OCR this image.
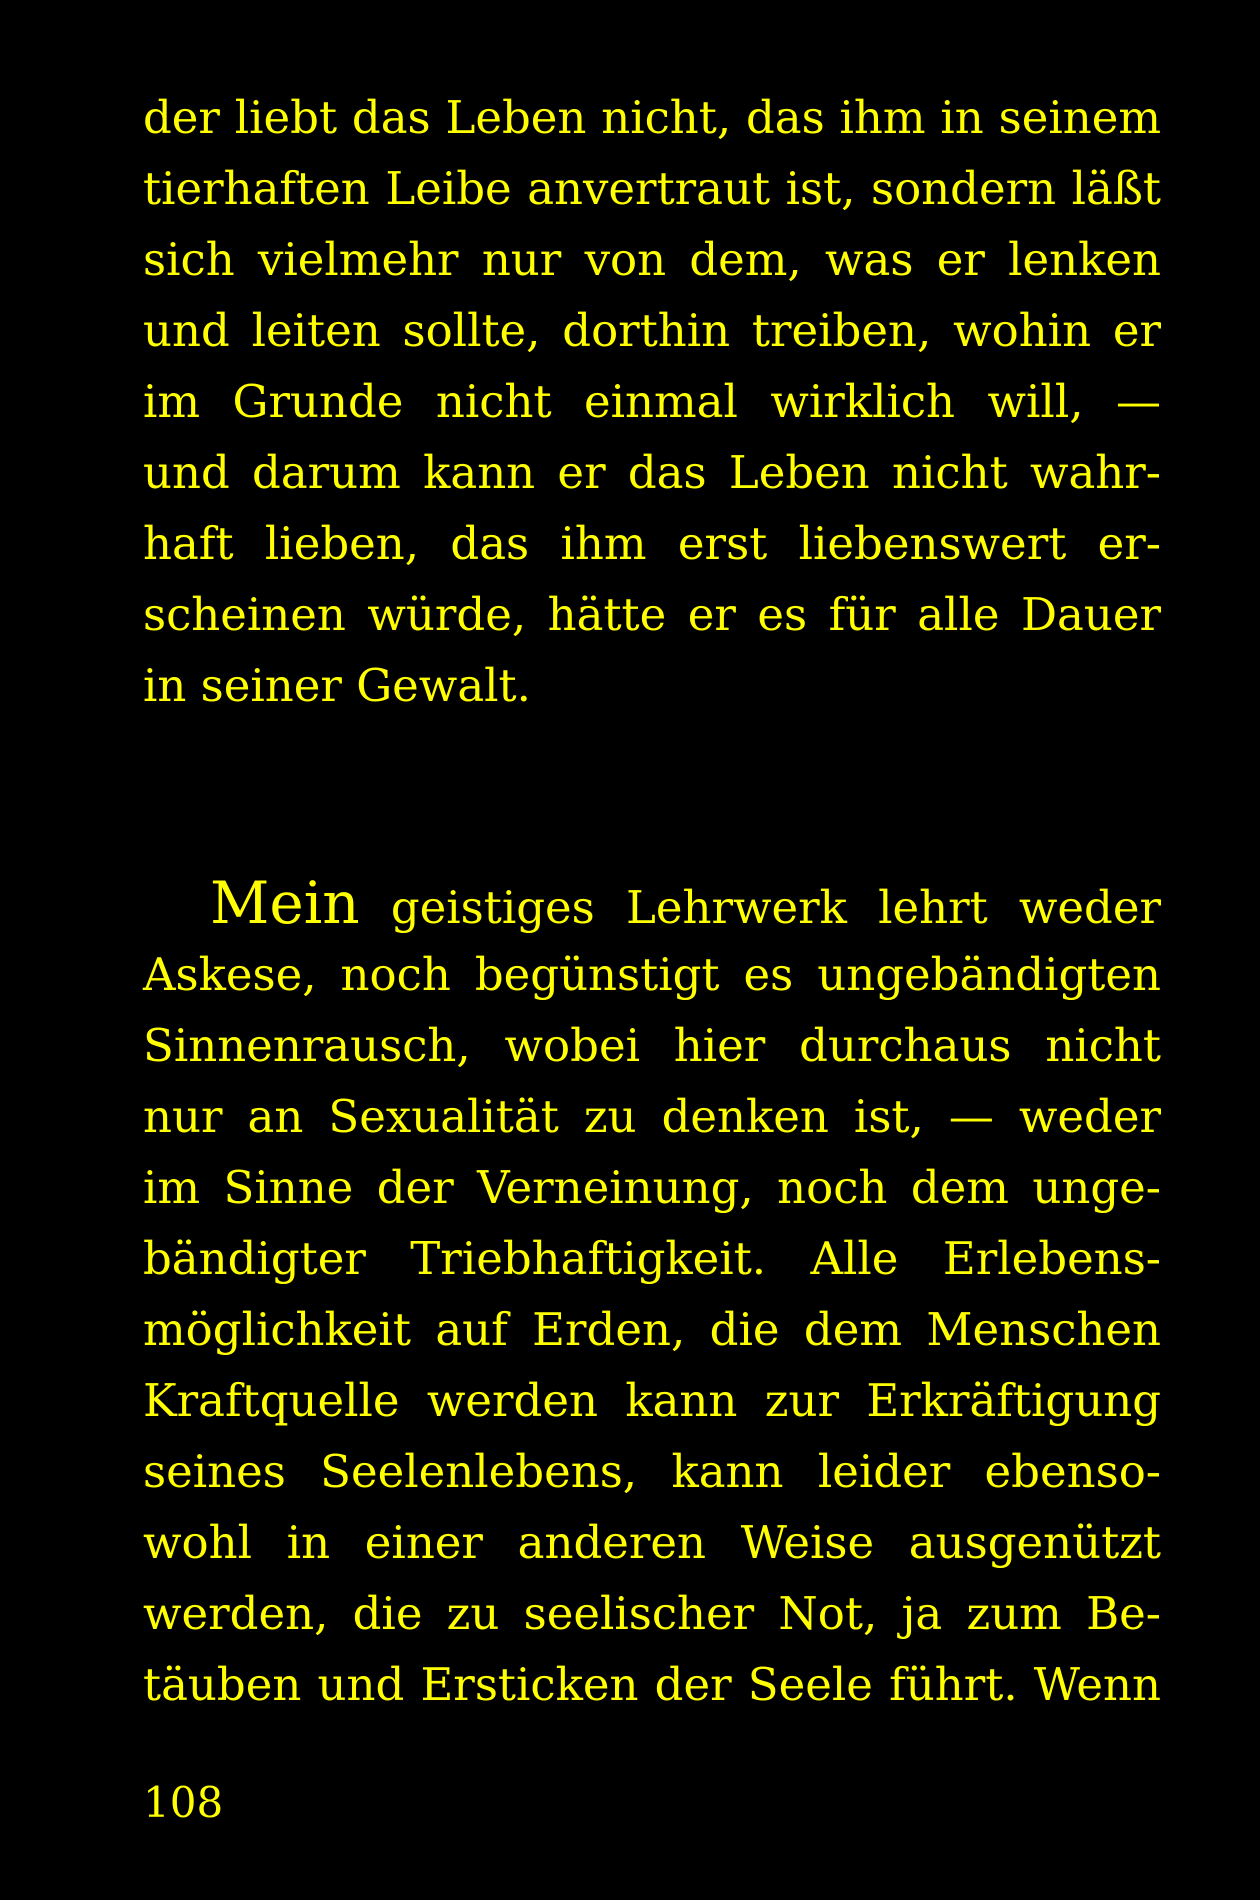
der liebt das Leben nicht, das ihm in seinem
tierhaften Leibe anvertraut ist, sondern läßt
sich vielmehr nur von dem, was er lenken
und leiten sollte, dorthin treiben, wohin er
im Grunde nicht einmal wirklich will, —
und darum kann er das Leben nicht wahr-
haft lieben, das ihm erst liebenswert er-
scheinen würde, hätte er es für alle Dauer
in seiner Gewalt.
Mein geistiges Lehrwerk lehrt weder
Askese, noch begünstigt es ungebändigten
Sinnenrausch, wobei hier durchaus nicht
nur an Sexualität zu denken ist, — weder
im Sinne der Verneinung, noch dem unge-
bändigter Triebhaftigkeit. Alle Erlebens-
möglichkeit auf Erden, die dem Menschen
Kraftquelle werden kann zur Erkräftigung
seines Seelenlebens, kann leider ebenso-
wohl in einer anderen Weise ausgenützt
werden, die zu seelischer Not, ja zum Be-
täuben und Ersticken der Seele führt. Wenn
108
